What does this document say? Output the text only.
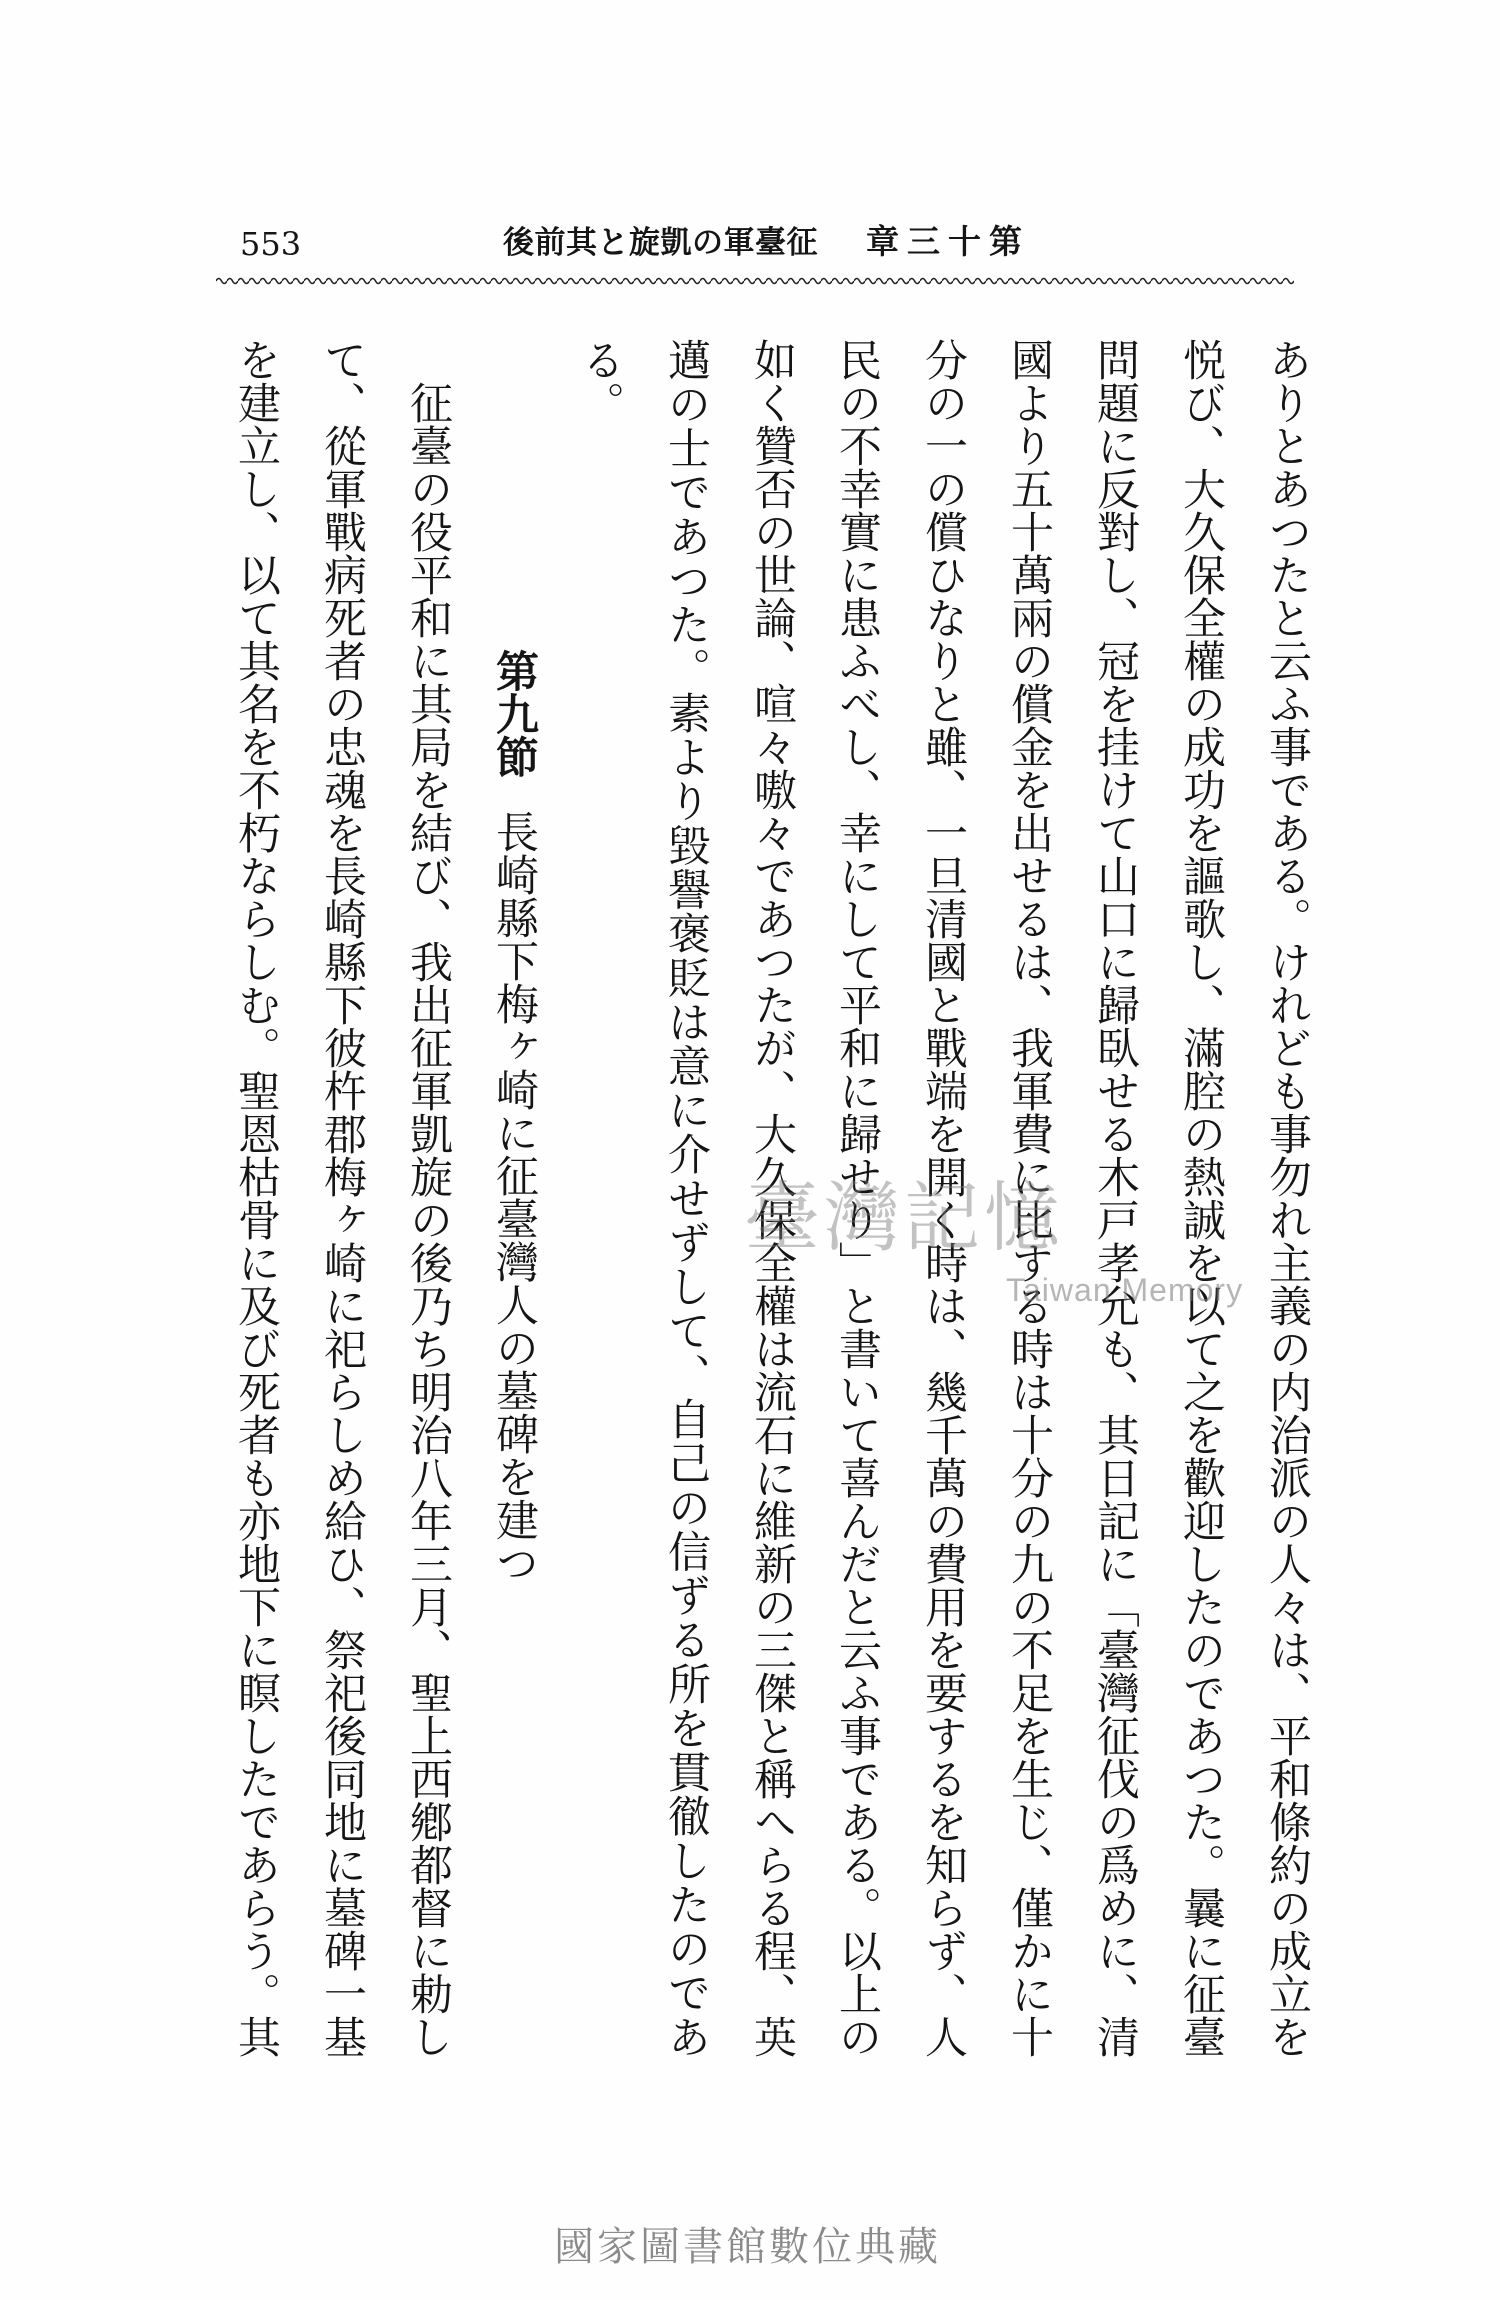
553	征臺軍の凱旋と其前後 第十三章
ありとあつたと云ふ事である。けれども事勿れ主義の内治派の人々は、平和條約の成立を
悦び、大久保全權の成功を謳歌し、滿腔の熱誠を以て之を歡迎したのであつた。曩に征臺
問題に反對し、冠を挂けて山口に歸臥せる木戸孝允も、其日記に「臺灣征伐の爲めに、清
國より五十萬兩の償金を出せるは、我軍費に比する時は十分の九の不足を生じ、僅かに十
分の一の償ひなりと雖、一旦清國と戰端を開く時は、幾千萬の費用を要するを知らず、人
民の不幸實に患ふべし、幸にして平和に歸せり」と書いて喜んだと云ふ事である。以上の
如く贊否の世論、喧々嗷々であつたが、大久保全權は流石に維新の三傑と稱へらる程、英
邁の士であつた。素より毀譽褒貶は意に介せずして、自己の信ずる所を貫徹したのであ
る。
第九節
長崎縣下梅ヶ崎に征臺灣人の墓碑を建つ
征臺の役平和に其局を結び、我出征軍凱旋の後乃ち明治八年三月、聖上西鄕都督に勅し
て、從軍戰病死者の忠魂を長崎縣下彼杵郡梅ヶ崎に祀らしめ給ひ、祭祀後同地に墓碑一基
を建立し、以て其名を不朽ならしむ。聖恩枯骨に及び死者も亦地下に瞑したであらう。其	臺灣記憶
Taiwan Memory
國家圖書館數位典藏
